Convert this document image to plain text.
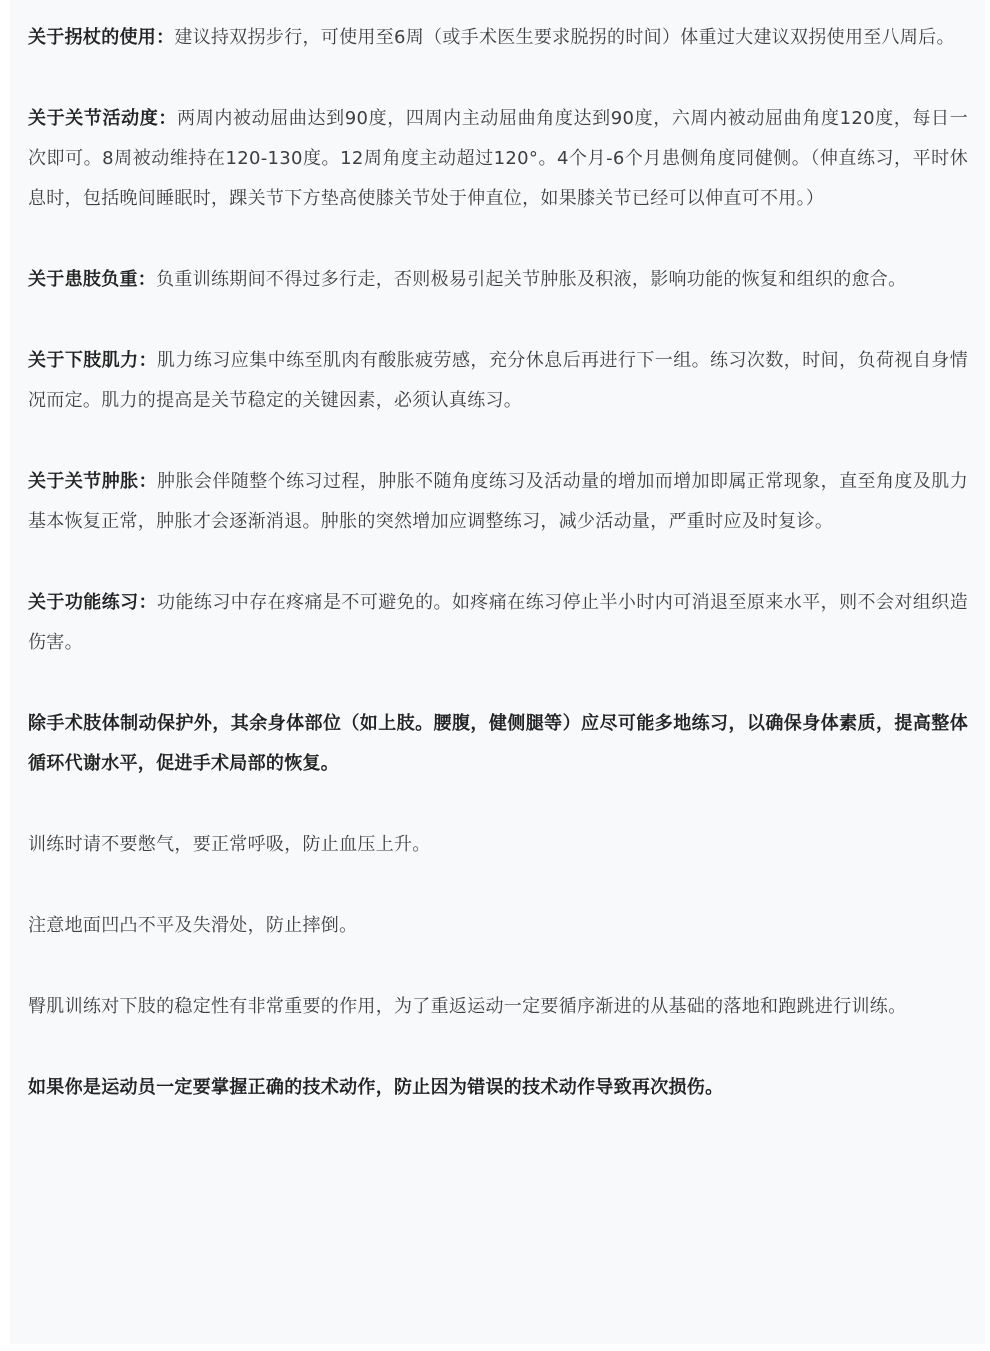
关于拐杖的使用：建议持双拐步行，可使用至6周（或手术医生要求脱拐的时间）体重过大建议双拐使用至八周后。

关于关节活动度：两周内被动屈曲达到90度，四周内主动屈曲角度达到90度，六周内被动屈曲角度120度，每日一次即可。8周被动维持在120-130度。12周角度主动超过120°。4个月-6个月患侧角度同健侧。（伸直练习，平时休息时，包括晚间睡眠时，踝关节下方垫高使膝关节处于伸直位，如果膝关节已经可以伸直可不用。）

关于患肢负重：负重训练期间不得过多行走，否则极易引起关节肿胀及积液，影响功能的恢复和组织的愈合。

关于下肢肌力：肌力练习应集中练至肌肉有酸胀疲劳感，充分休息后再进行下一组。练习次数，时间，负荷视自身情况而定。肌力的提高是关节稳定的关键因素，必须认真练习。

关于关节肿胀：肿胀会伴随整个练习过程，肿胀不随角度练习及活动量的增加而增加即属正常现象，直至角度及肌力基本恢复正常，肿胀才会逐渐消退。肿胀的突然增加应调整练习，减少活动量，严重时应及时复诊。

关于功能练习：功能练习中存在疼痛是不可避免的。如疼痛在练习停止半小时内可消退至原来水平，则不会对组织造伤害。

除手术肢体制动保护外，其余身体部位（如上肢。腰腹，健侧腿等）应尽可能多地练习，以确保身体素质，提高整体循环代谢水平，促进手术局部的恢复。

训练时请不要憋气，要正常呼吸，防止血压上升。

注意地面凹凸不平及失滑处，防止摔倒。

臀肌训练对下肢的稳定性有非常重要的作用，为了重返运动一定要循序渐进的从基础的落地和跑跳进行训练。

如果你是运动员一定要掌握正确的技术动作，防止因为错误的技术动作导致再次损伤。
